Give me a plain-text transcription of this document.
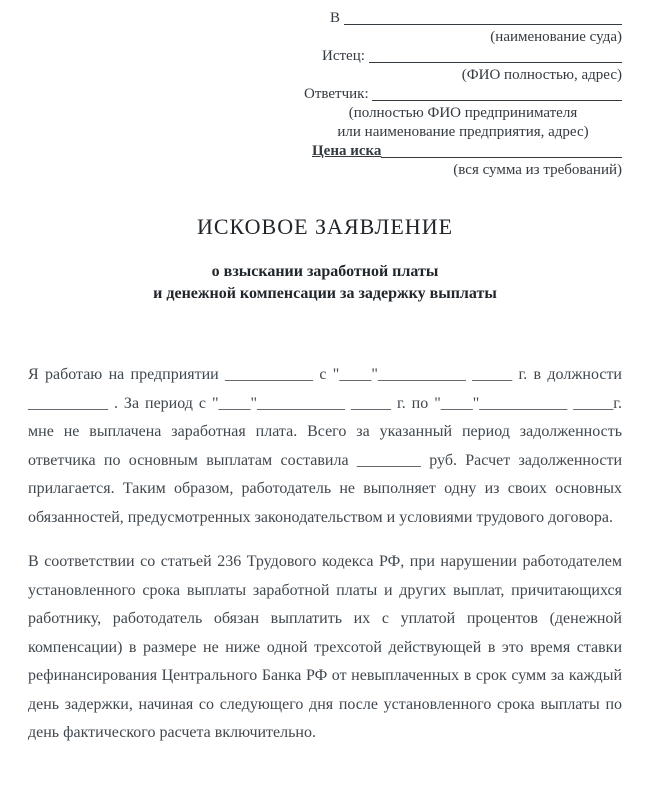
В
(наименование суда)
Истец:
(ФИО полностью, адрес)
Ответчик:
(полностью ФИО предпринимателя
или наименование предприятия, адрес)
Цена иска
(вся сумма из требований)
ИСКОВОЕ ЗАЯВЛЕНИЕ
о взыскании заработной платы
и денежной компенсации за задержку выплаты

Я работаю на предприятии ___________ с "____"___________ _____ г. в должности __________ . За период с "____"___________ _____ г. по "____"___________ _____г. мне не выплачена заработная плата. Всего за указанный период задолженность ответчика по основным выплатам составила ________ руб. Расчет задолженности прилагается. Таким образом, работодатель не выполняет одну из своих основных обязанностей, предусмотренных законодательством и условиями трудового договора.

В соответствии со статьей 236 Трудового кодекса РФ, при нарушении работодателем установленного срока выплаты заработной платы и других выплат, причитающихся работнику, работодатель обязан выплатить их с уплатой процентов (денежной компенсации) в размере не ниже одной трехсотой действующей в это время ставки рефинансирования Центрального Банка РФ от невыплаченных в срок сумм за каждый день задержки, начиная со следующего дня после установленного срока выплаты по день фактического расчета включительно.
